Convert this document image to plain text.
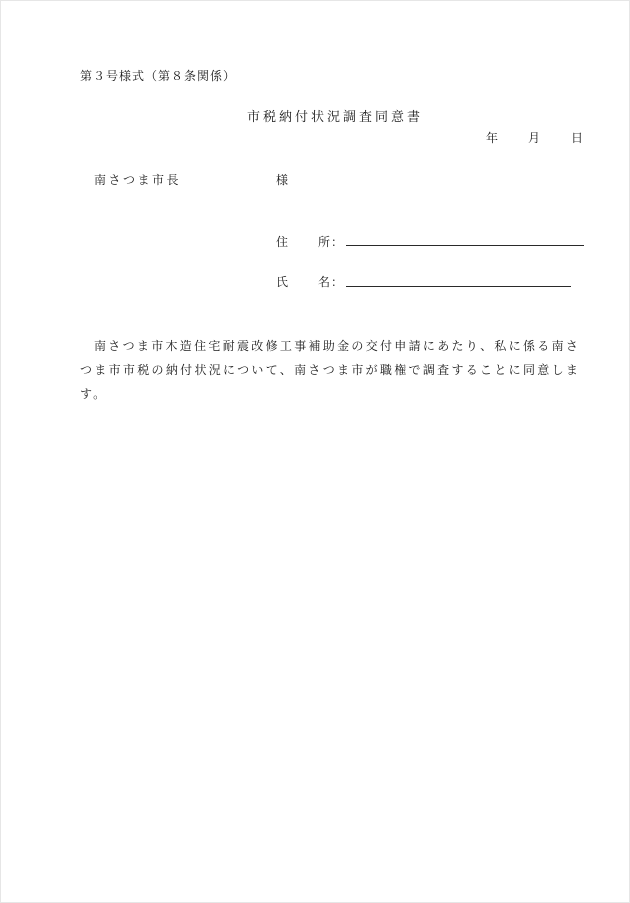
第３号様式（第８条関係）
市税納付状況調査同意書
年 月 日
南さつま市長	様
住 所：
氏 名：
南さつま市木造住宅耐震改修工事補助金の交付申請にあたり、私に係る南さつま市市税の納付状況について、南さつま市が職権で調査することに同意します。
